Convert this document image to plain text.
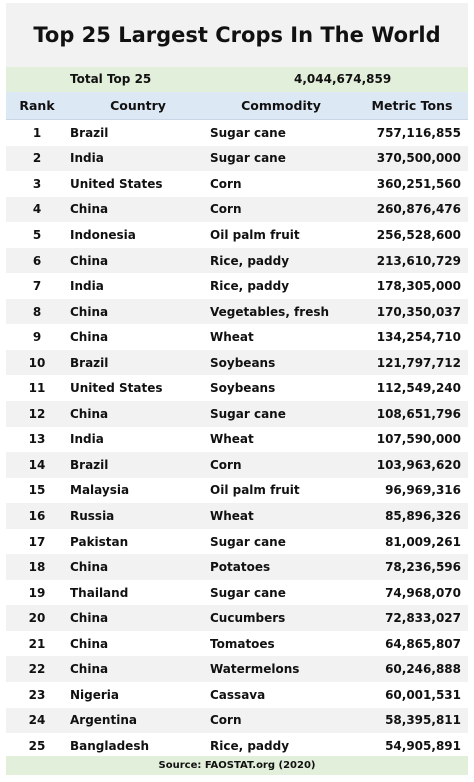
Top 25 Largest Crops In The World
Total Top 25	4,044,674,859
Rank	Country	Commodity	Metric Tons
1	Brazil	Sugar cane	757,116,855
2	India	Sugar cane	370,500,000
3	United States	Corn	360,251,560
4	China	Corn	260,876,476
5	Indonesia	Oil palm fruit	256,528,600
6	China	Rice, paddy	213,610,729
7	India	Rice, paddy	178,305,000
8	China	Vegetables, fresh	170,350,037
9	China	Wheat	134,254,710
10	Brazil	Soybeans	121,797,712
11	United States	Soybeans	112,549,240
12	China	Sugar cane	108,651,796
13	India	Wheat	107,590,000
14	Brazil	Corn	103,963,620
15	Malaysia	Oil palm fruit	96,969,316
16	Russia	Wheat	85,896,326
17	Pakistan	Sugar cane	81,009,261
18	China	Potatoes	78,236,596
19	Thailand	Sugar cane	74,968,070
20	China	Cucumbers	72,833,027
21	China	Tomatoes	64,865,807
22	China	Watermelons	60,246,888
23	Nigeria	Cassava	60,001,531
24	Argentina	Corn	58,395,811
25	Bangladesh	Rice, paddy	54,905,891
Source: FAOSTAT.org (2020)
